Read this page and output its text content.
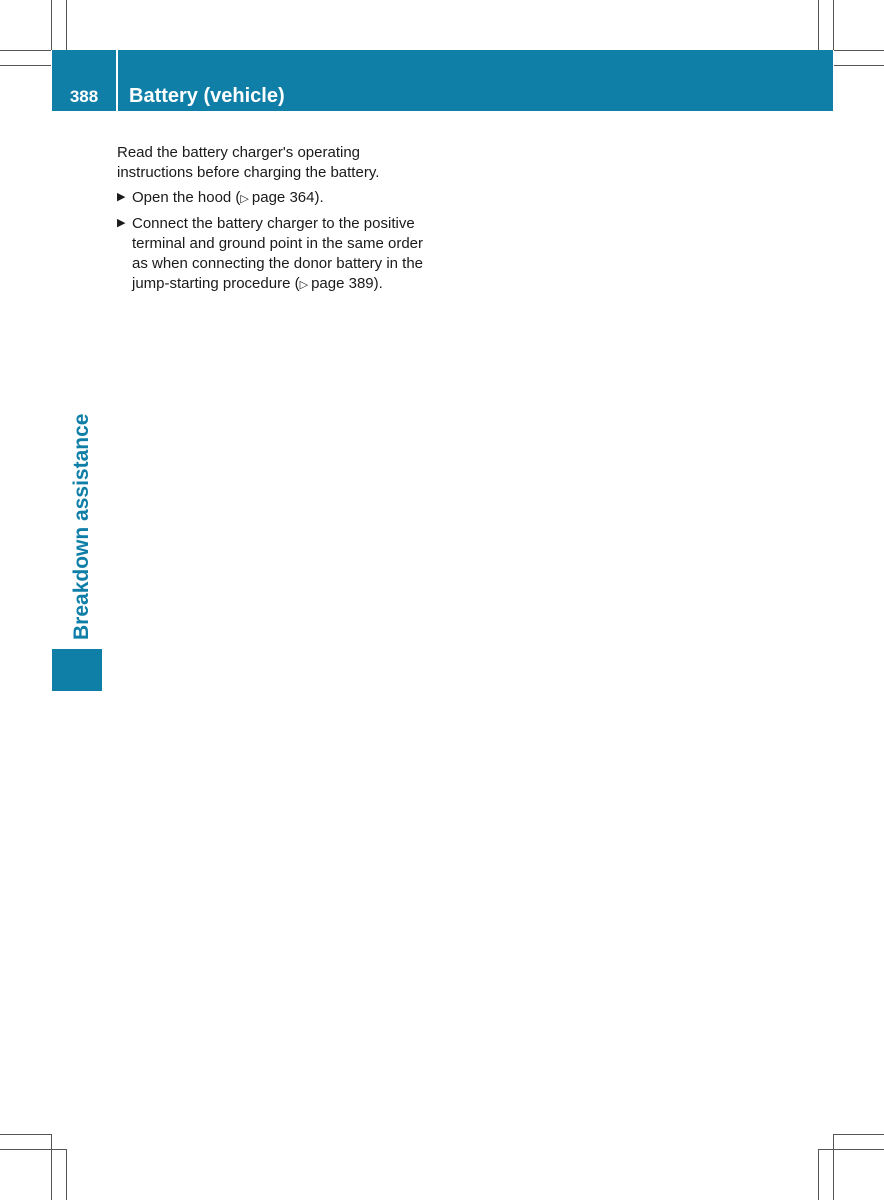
388	Battery (vehicle)
Breakdown assistance

Read the battery charger's operating instructions before charging the battery.

▶ Open the hood (▷  page 364).
▶ Connect the battery charger to the positive terminal and ground point in the same order as when connecting the donor battery in the jump-starting procedure (▷  page 389).
